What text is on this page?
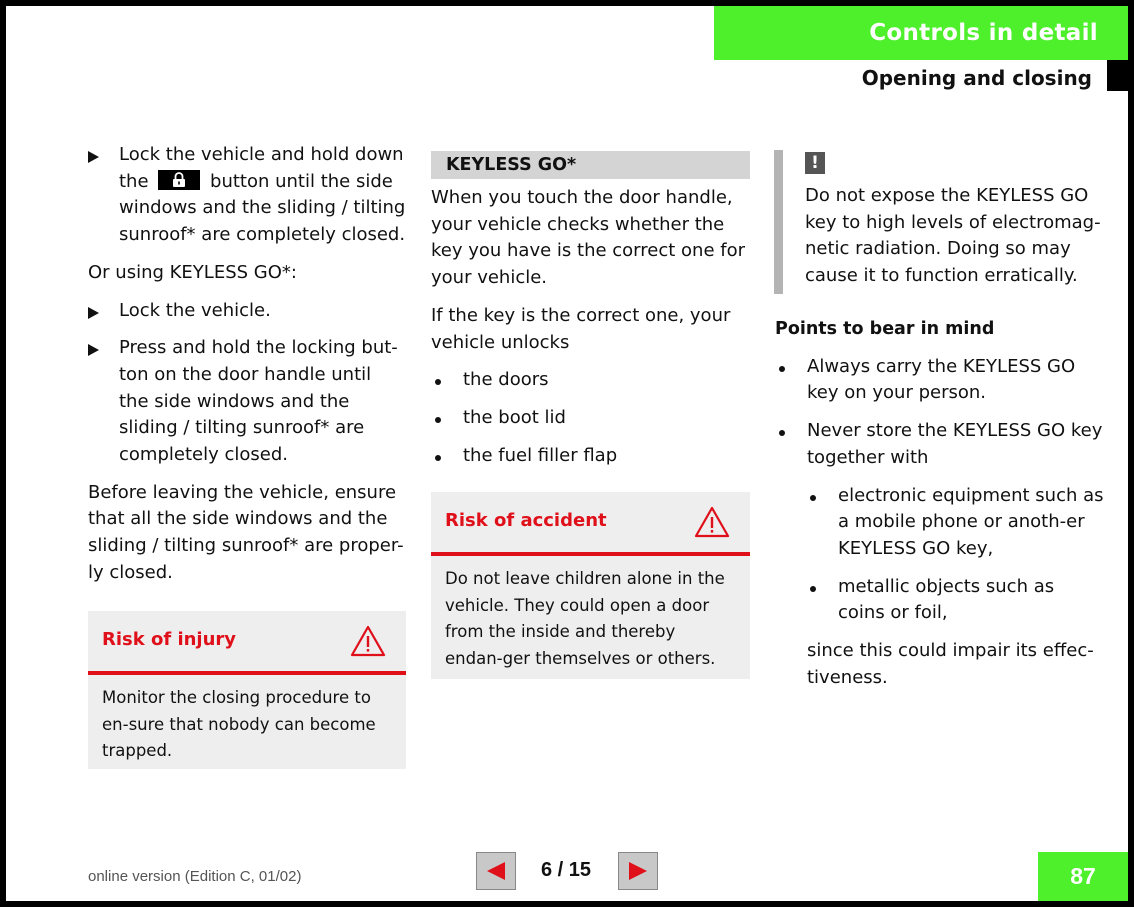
Controls in detail
Opening and closing
Lock the vehicle and hold down the	button until the side windows and the sliding / tilting sunroof* are completely closed.

Or using KEYLESS GO*:

Lock the vehicle.
Press and hold the locking but-ton on the door handle until the side windows and the sliding / tilting sunroof* are completely closed.

Before leaving the vehicle, ensure that all the side windows and the sliding / tilting sunroof* are proper-ly closed.

Risk of injury
Monitor the closing procedure to en-sure that nobody can become trapped.
KEYLESS GO*

When you touch the door handle, your vehicle checks whether the key you have is the correct one for your vehicle.

If the key is the correct one, your vehicle unlocks

the doors
the boot lid
the fuel filler flap
Risk of accident
Do not leave children alone in the vehicle. They could open a door from the inside and thereby endan-ger themselves or others.
!
Do not expose the KEYLESS GO key to high levels of electromag-netic radiation. Doing so may cause it to function erratically.

Points to bear in mind

Always carry the KEYLESS GO key on your person.
Never store the KEYLESS GO key together with
electronic equipment such as a mobile phone or anoth-er KEYLESS GO key,
metallic objects such as coins or foil,

since this could impair its effec-tiveness.

online version (Edition C, 01/02)	6 / 15	87
